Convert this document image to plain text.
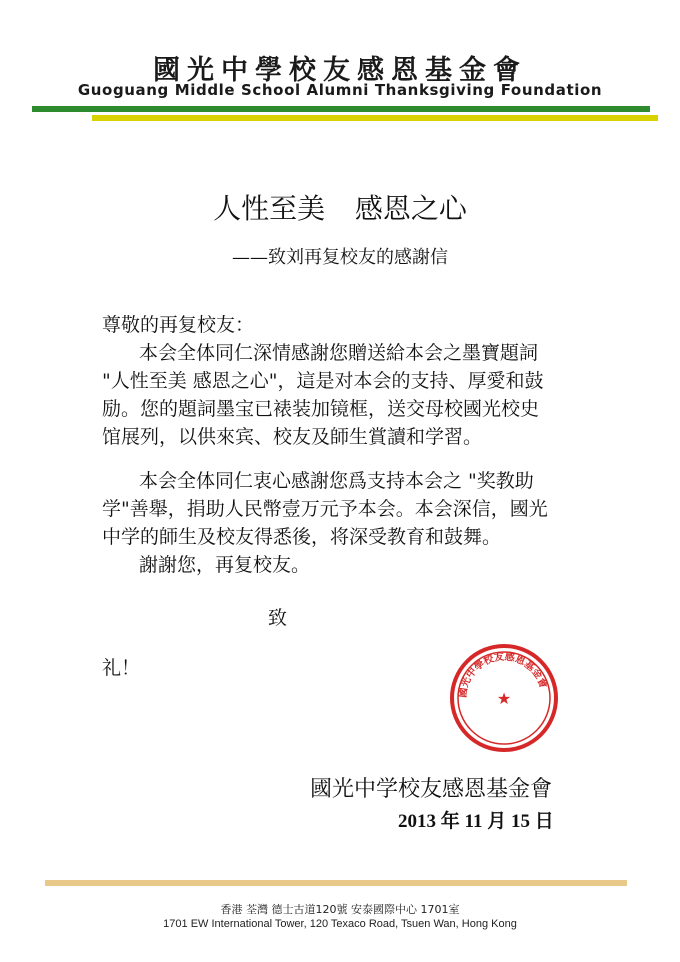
國光中學校友感恩基金會
Guoguang Middle School Alumni Thanksgiving Foundation
人性至美  感恩之心
——致刘再复校友的感謝信
尊敬的再复校友：
本会全体同仁深情感謝您贈送給本会之墨寶題詞
"人性至美 感恩之心"，這是对本会的支持、厚愛和鼓
励。您的題詞墨宝已裱装加镜框，送交母校國光校史
馆展列，以供來宾、校友及師生賞讀和学習。
本会全体同仁衷心感謝您爲支持本会之 "奖教助
学"善舉，捐助人民幣壹万元予本会。本会深信，國光
中学的師生及校友得悉後，将深受教育和鼓舞。
謝謝您，再复校友。
致
礼！
國光中學校友感恩基金會
★
國光中学校友感恩基金會
2013 年 11 月 15 日
香港 荃灣 德士古道120號 安泰國際中心 1701室
1701 EW International Tower, 120 Texaco Road, Tsuen Wan, Hong Kong
